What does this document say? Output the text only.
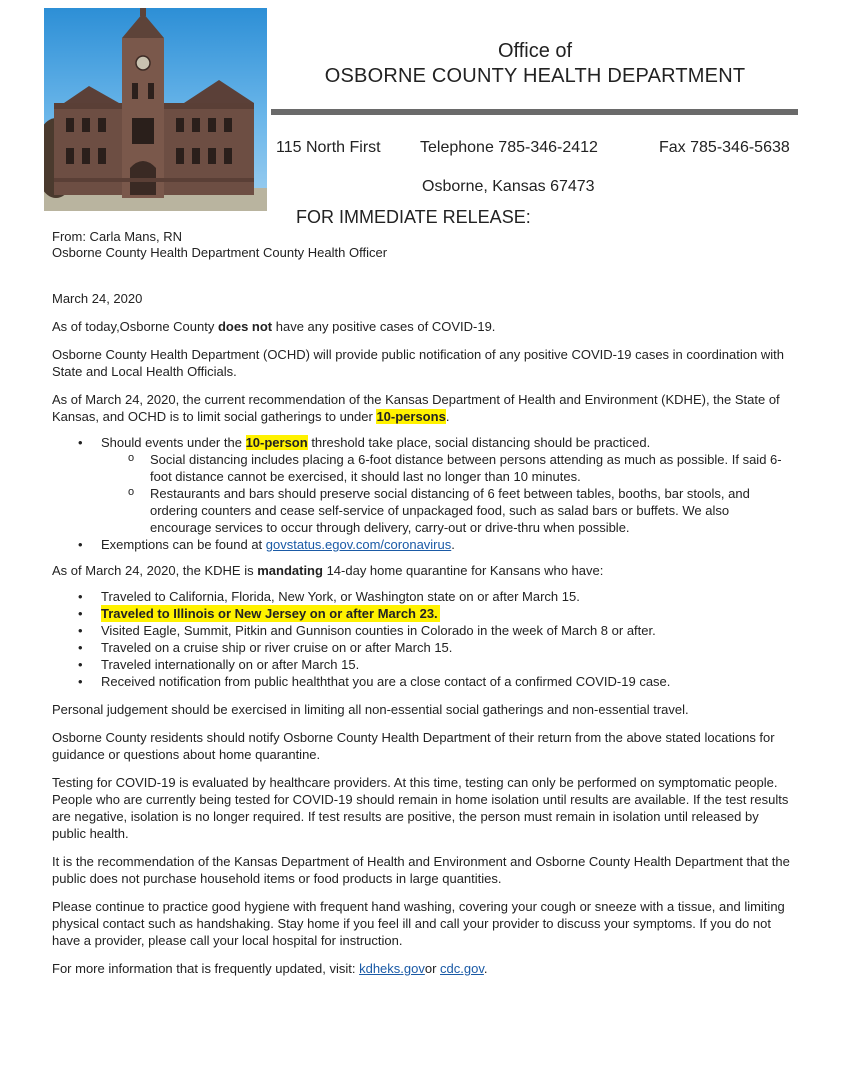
Office of
OSBORNE COUNTY HEALTH DEPARTMENT
115 North First Telephone 785-346-2412	Fax 785-346-5638
Osborne, Kansas 67473
FOR IMMEDIATE RELEASE:
From: Carla Mans, RN
Osborne County Health Department County Health Officer

March 24, 2020

As of today,Osborne County does not have any positive cases of COVID-19.

Osborne County Health Department (OCHD) will provide public notification of any positive COVID-19 cases in coordination with State and Local Health Officials.

As of March 24, 2020, the current recommendation of the Kansas Department of Health and Environment (KDHE), the State of Kansas, and OCHD is to limit social gatherings to under 10-persons.

• Should events under the 10-person threshold take place, social distancing should be practiced.
o Social distancing includes placing a 6-foot distance between persons attending as much as possible. If said 6-foot distance cannot be exercised, it should last no longer than 10 minutes.
o Restaurants and bars should preserve social distancing of 6 feet between tables, booths, bar stools, and ordering counters and cease self-service of unpackaged food, such as salad bars or buffets. We also encourage services to occur through delivery, carry-out or drive-thru when possible.
• Exemptions can be found at govstatus.egov.com/coronavirus.

As of March 24, 2020, the KDHE is mandating 14-day home quarantine for Kansans who have:

• Traveled to California, Florida, New York, or Washington state on or after March 15.
• Traveled to Illinois or New Jersey on or after March 23.
• Visited Eagle, Summit, Pitkin and Gunnison counties in Colorado in the week of March 8 or after.
• Traveled on a cruise ship or river cruise on or after March 15.
• Traveled internationally on or after March 15.
• Received notification from public healththat you are a close contact of a confirmed COVID-19 case.

Personal judgement should be exercised in limiting all non-essential social gatherings and non-essential travel.

Osborne County residents should notify Osborne County Health Department of their return from the above stated locations for guidance or questions about home quarantine.

Testing for COVID-19 is evaluated by healthcare providers. At this time, testing can only be performed on symptomatic people. People who are currently being tested for COVID-19 should remain in home isolation until results are available. If the test results are negative, isolation is no longer required. If test results are positive, the person must remain in isolation until released by public health.

It is the recommendation of the Kansas Department of Health and Environment and Osborne County Health Department that the public does not purchase household items or food products in large quantities.

Please continue to practice good hygiene with frequent hand washing, covering your cough or sneeze with a tissue, and limiting physical contact such as handshaking. Stay home if you feel ill and call your provider to discuss your symptoms. If you do not have a provider, please call your local hospital for instruction.

For more information that is frequently updated, visit: kdheks.govor cdc.gov.
